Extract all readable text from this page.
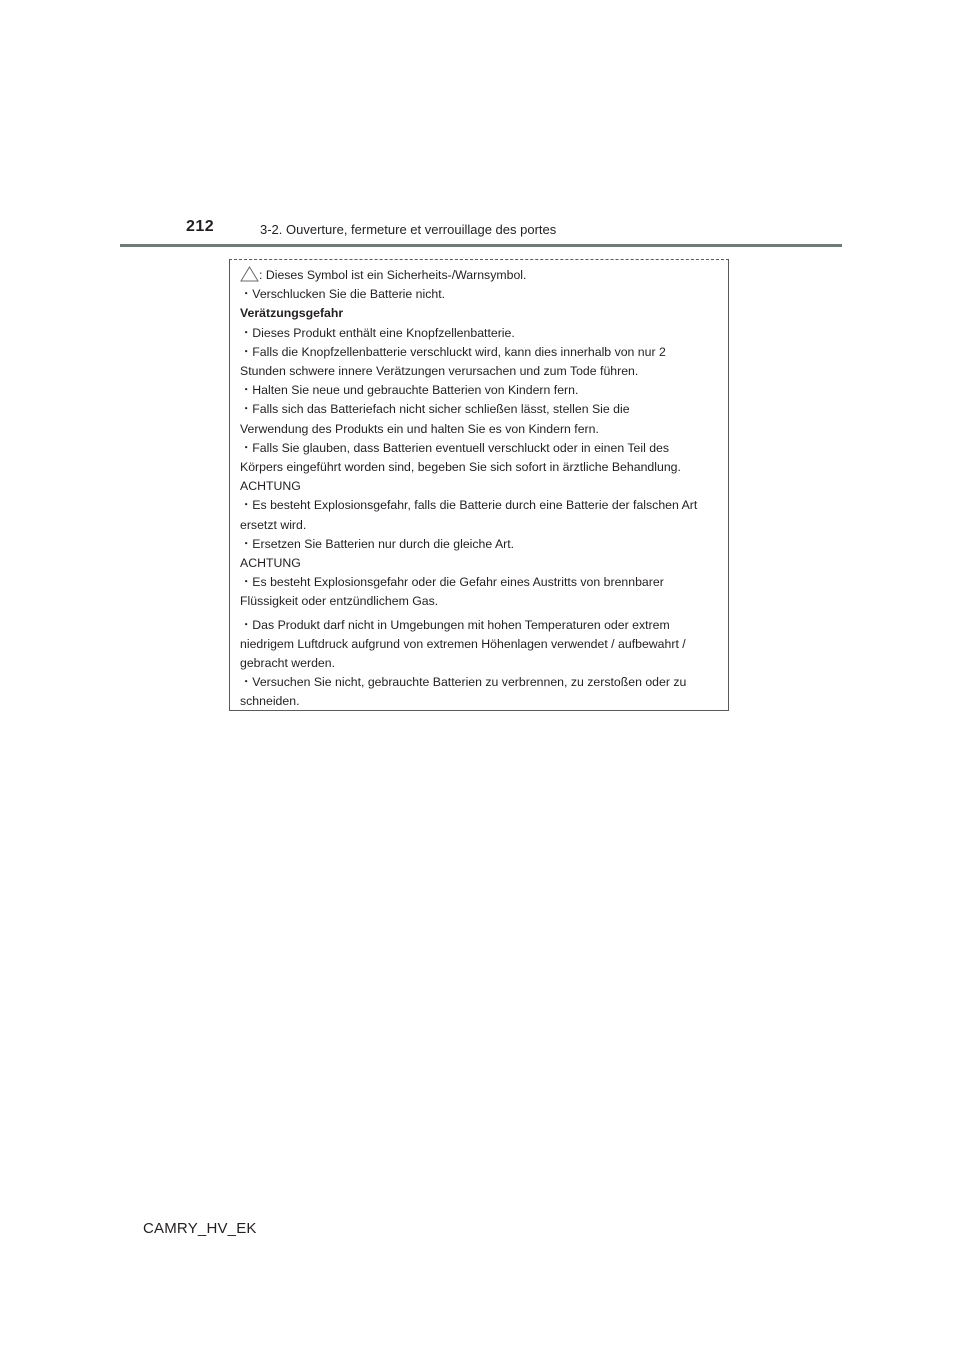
212	3-2. Ouverture, fermeture et verrouillage des portes
: Dieses Symbol ist ein Sicherheits-/Warnsymbol.
・Verschlucken Sie die Batterie nicht.
Verätzungsgefahr
・Dieses Produkt enthält eine Knopfzellenbatterie.
・Falls die Knopfzellenbatterie verschluckt wird, kann dies innerhalb von nur 2
Stunden schwere innere Verätzungen verursachen und zum Tode führen.
・Halten Sie neue und gebrauchte Batterien von Kindern fern.
・Falls sich das Batteriefach nicht sicher schließen lässt, stellen Sie die
Verwendung des Produkts ein und halten Sie es von Kindern fern.
・Falls Sie glauben, dass Batterien eventuell verschluckt oder in einen Teil des
Körpers eingeführt worden sind, begeben Sie sich sofort in ärztliche Behandlung.
ACHTUNG
・Es besteht Explosionsgefahr, falls die Batterie durch eine Batterie der falschen Art
ersetzt wird.
・Ersetzen Sie Batterien nur durch die gleiche Art.
ACHTUNG
・Es besteht Explosionsgefahr oder die Gefahr eines Austritts von brennbarer
Flüssigkeit oder entzündlichem Gas.
・Das Produkt darf nicht in Umgebungen mit hohen Temperaturen oder extrem
niedrigem Luftdruck aufgrund von extremen Höhenlagen verwendet / aufbewahrt /
gebracht werden.
・Versuchen Sie nicht, gebrauchte Batterien zu verbrennen, zu zerstoßen oder zu
schneiden.
CAMRY_HV_EK
